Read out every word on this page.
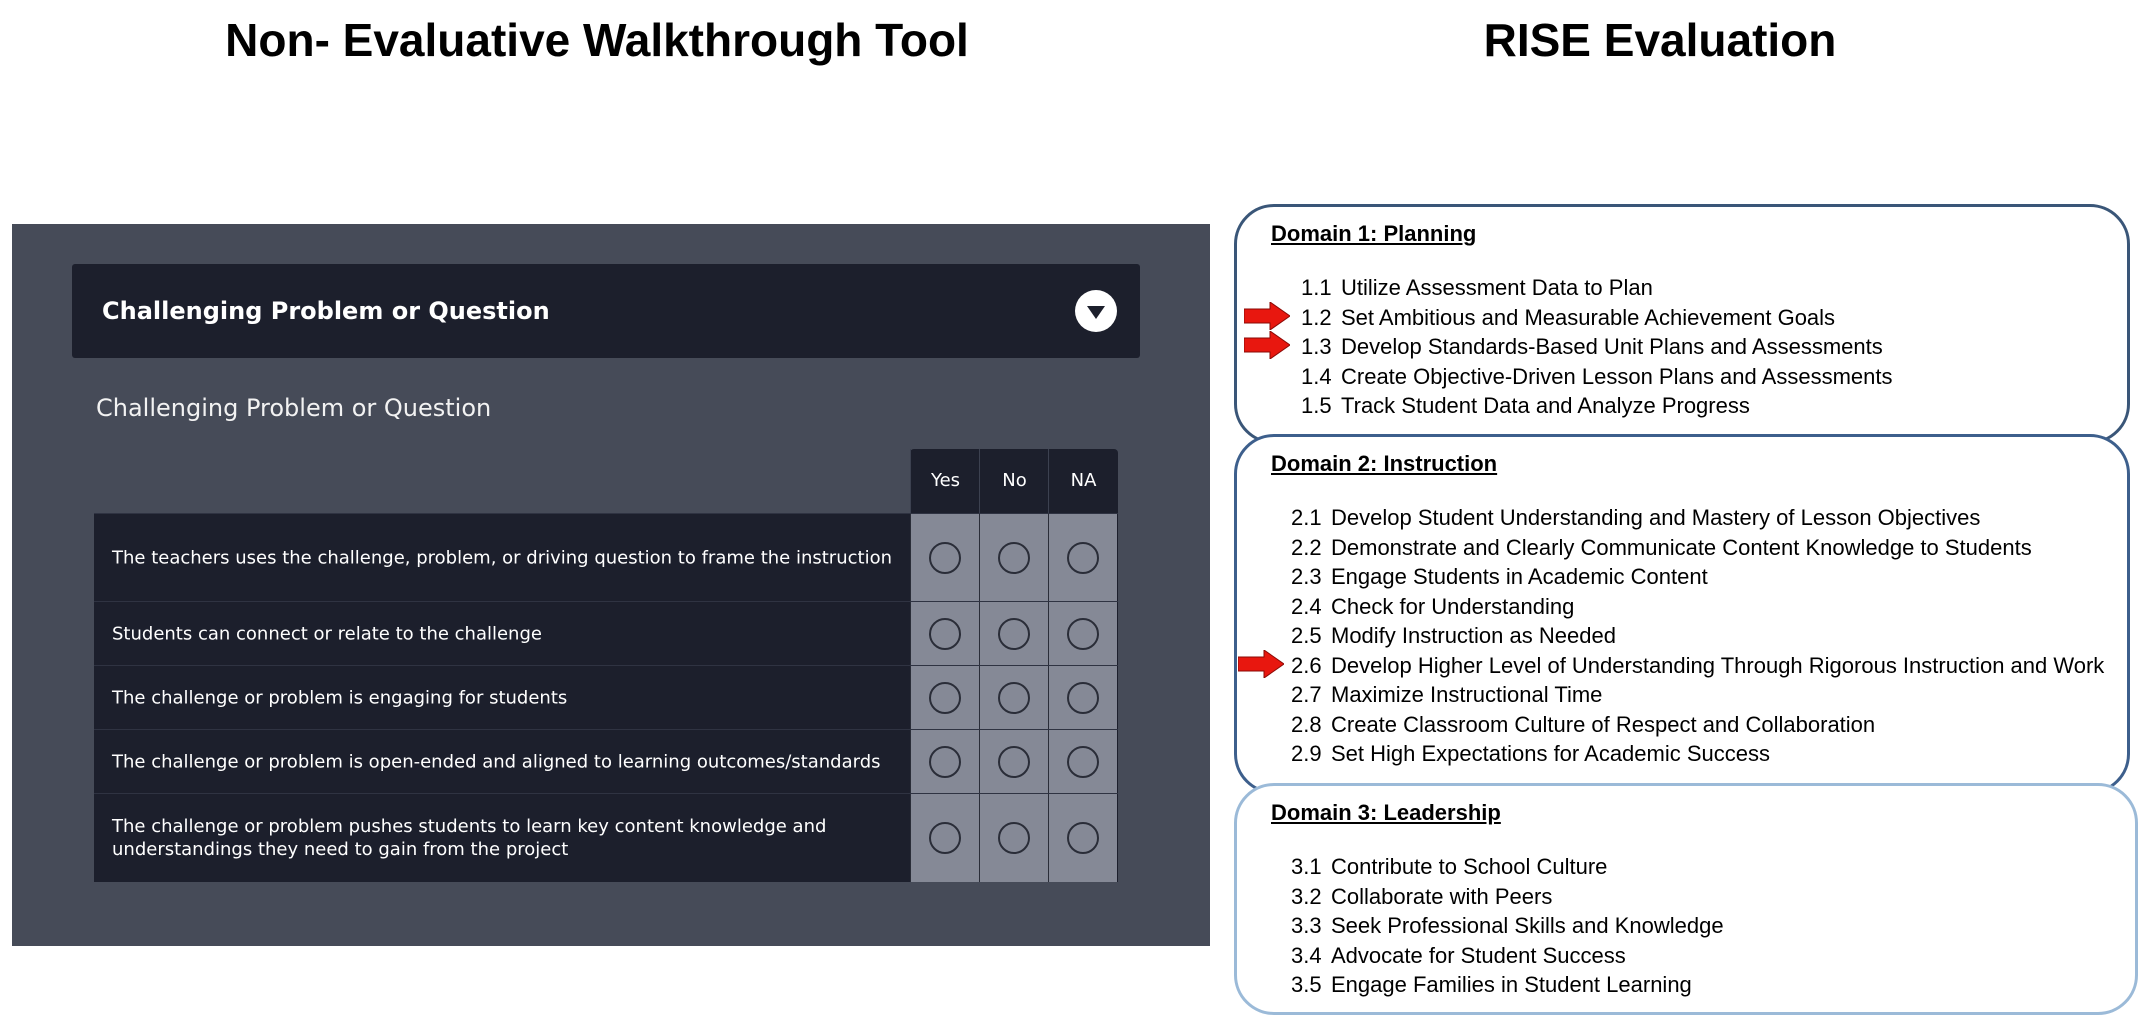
Non- Evaluative Walkthrough Tool	RISE Evaluation
Challenging Problem or Question
Challenging Problem or Question
Yes	No	NA
The teachers uses the challenge, problem, or driving question to frame the instruction
Students can connect or relate to the challenge
The challenge or problem is engaging for students
The challenge or problem is open-ended and aligned to learning outcomes/standards
The challenge or problem pushes students to learn key content knowledge and understandings they need to gain from the project
Domain 1: Planning
1.1 Utilize Assessment Data to Plan
1.2 Set Ambitious and Measurable Achievement Goals
1.3 Develop Standards-Based Unit Plans and Assessments
1.4 Create Objective-Driven Lesson Plans and Assessments
1.5 Track Student Data and Analyze Progress
Domain 2: Instruction
2.1 Develop Student Understanding and Mastery of Lesson Objectives
2.2 Demonstrate and Clearly Communicate Content Knowledge to Students
2.3 Engage Students in Academic Content
2.4 Check for Understanding
2.5 Modify Instruction as Needed
2.6 Develop Higher Level of Understanding Through Rigorous Instruction and Work
2.7 Maximize Instructional Time
2.8 Create Classroom Culture of Respect and Collaboration
2.9 Set High Expectations for Academic Success
Domain 3: Leadership
3.1 Contribute to School Culture
3.2 Collaborate with Peers
3.3 Seek Professional Skills and Knowledge
3.4 Advocate for Student Success
3.5 Engage Families in Student Learning
